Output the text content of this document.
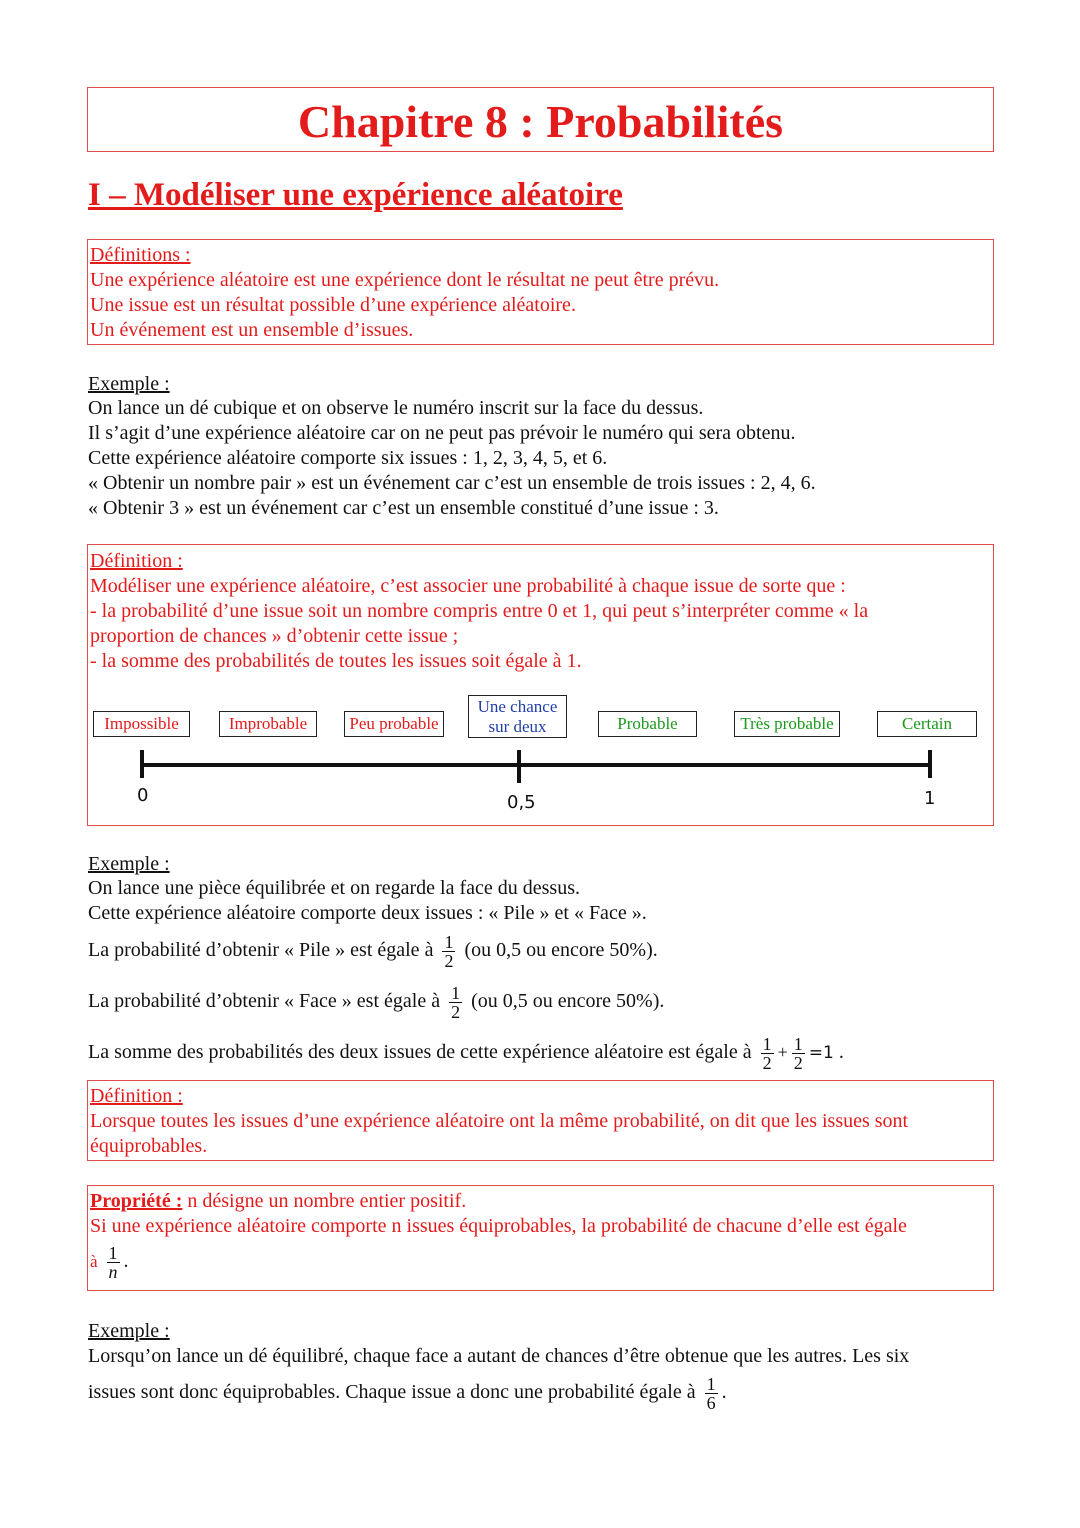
Chapitre 8 : Probabilités
I – Modéliser une expérience aléatoire
Définitions :
Une expérience aléatoire est une expérience dont le résultat ne peut être prévu.
Une issue est un résultat possible d’une expérience aléatoire.
Un événement est un ensemble d’issues.
Exemple :
On lance un dé cubique et on observe le numéro inscrit sur la face du dessus.
Il s’agit d’une expérience aléatoire car on ne peut pas prévoir le numéro qui sera obtenu.
Cette expérience aléatoire comporte six issues : 1, 2, 3, 4, 5, et 6.
« Obtenir un nombre pair » est un événement car c’est un ensemble de trois issues : 2, 4, 6.
« Obtenir 3 » est un événement car c’est un ensemble constitué d’une issue : 3.
Définition :
Modéliser une expérience aléatoire, c’est associer une probabilité à chaque issue de sorte que :
- la probabilité d’une issue soit un nombre compris entre 0 et 1, qui peut s’interpréter comme « la
proportion de chances » d’obtenir cette issue ;
- la somme des probabilités de toutes les issues soit égale à 1.
Impossible	Improbable	Peu probable
Une chance
sur deux	Probable	Très probable	Certain
0	0,5	1
Exemple :
On lance une pièce équilibrée et on regarde la face du dessus.
Cette expérience aléatoire comporte deux issues : « Pile » et « Face ».
La probabilité d’obtenir « Pile » est égale à $\frac{1}{2} (ou$ 0,5 ou encore 50%).
La probabilité d’obtenir « Face » est égale à $\frac{1}{2} (ou$ 0,5 ou encore 50%).
La somme des probabilités des deux issues de cette expérience aléatoire est égale à $\frac{1}{2} + \frac{1}{2} =1$ .
Définition :
Lorsque toutes les issues d’une expérience aléatoire ont la même probabilité, on dit que les issues sont
équiprobables.
Propriété : n désigne un nombre entier positif.
Si une expérience aléatoire comporte n issues équiprobables, la probabilité de chacune d’elle est égale
à $\frac{1}{n}$ .
Exemple :
Lorsqu’on lance un dé équilibré, chaque face a autant de chances d’être obtenue que les autres. Les six
issues sont donc équiprobables. Chaque issue a donc une probabilité égale à $\frac{1}{6}$ .
